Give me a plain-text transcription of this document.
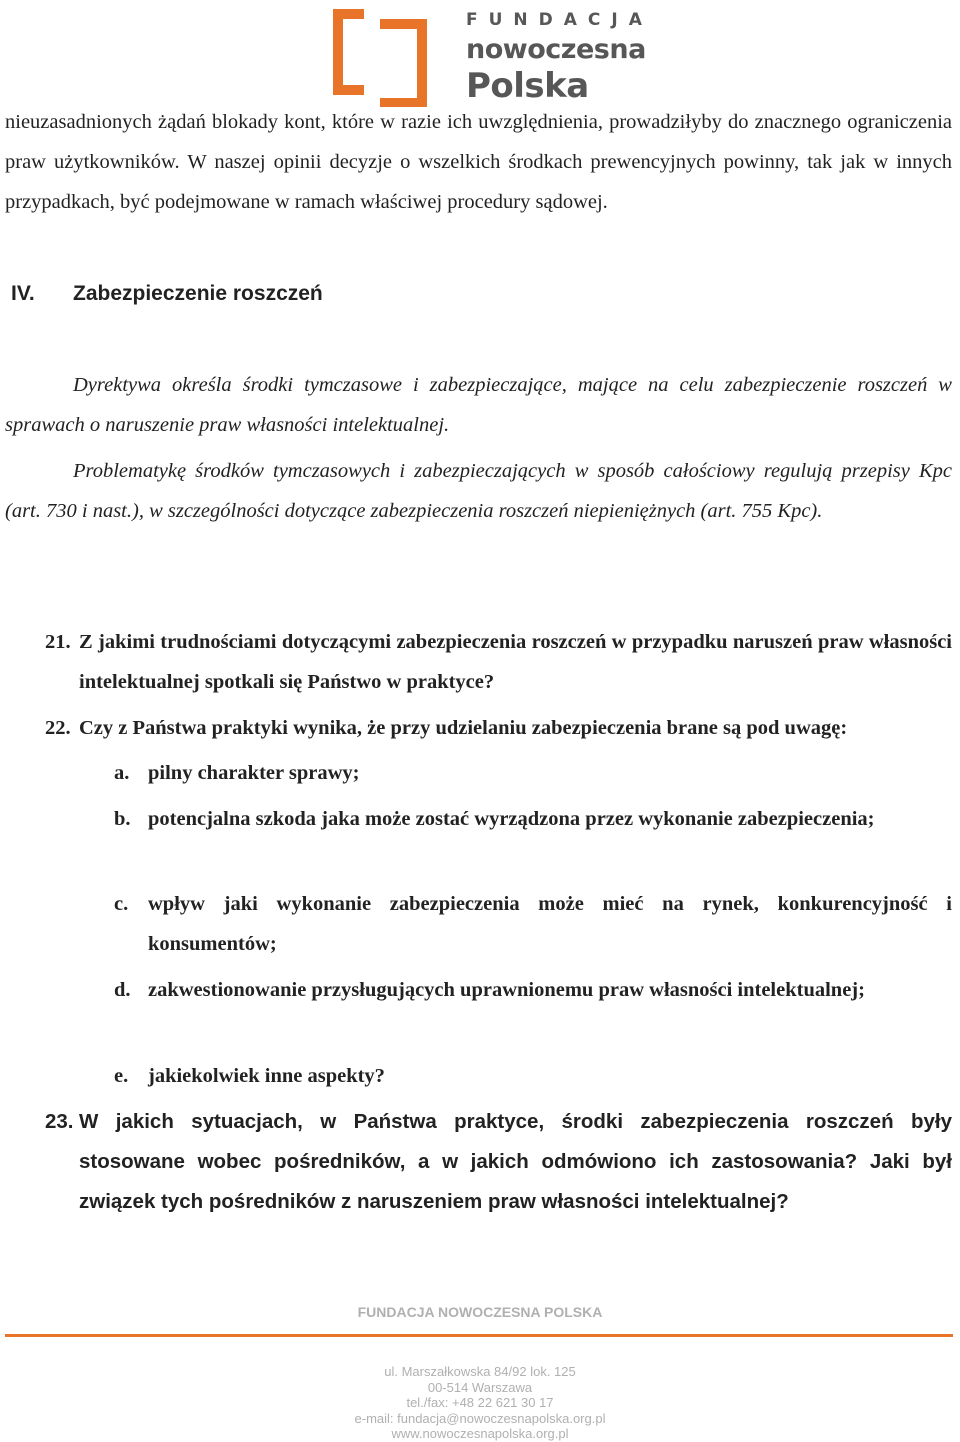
FUNDACJA
nowoczesna
Polska
nieuzasadnionych żądań blokady kont, które w razie ich uwzględnienia, prowadziłyby do znacznego ograniczenia praw użytkowników. W naszej opinii decyzje o wszelkich środkach prewencyjnych powinny, tak jak w innych przypadkach, być podejmowane w ramach właściwej procedury sądowej.
IV. Zabezpieczenie roszczeń
Dyrektywa określa środki tymczasowe i zabezpieczające, mające na celu zabezpieczenie roszczeń w sprawach o naruszenie praw własności intelektualnej.
Problematykę środków tymczasowych i zabezpieczających w sposób całościowy regulują przepisy Kpc (art. 730 i nast.), w szczególności dotyczące zabezpieczenia roszczeń niepieniężnych (art. 755 Kpc).
21. Z jakimi trudnościami dotyczącymi zabezpieczenia roszczeń w przypadku naruszeń praw własności intelektualnej spotkali się Państwo w praktyce?
22. Czy z Państwa praktyki wynika, że przy udzielaniu zabezpieczenia brane są pod uwagę:
a. pilny charakter sprawy;
b. potencjalna szkoda jaka może zostać wyrządzona przez wykonanie zabezpieczenia;
c. wpływ jaki wykonanie zabezpieczenia może mieć na rynek, konkurencyjność i konsumentów;
d. zakwestionowanie przysługujących uprawnionemu praw własności intelektualnej;
e. jakiekolwiek inne aspekty?
23. W jakich sytuacjach, w Państwa praktyce, środki zabezpieczenia roszczeń były stosowane wobec pośredników, a w jakich odmówiono ich zastosowania? Jaki był związek tych pośredników z naruszeniem praw własności intelektualnej?
FUNDACJA NOWOCZESNA POLSKA
ul. Marszałkowska 84/92 lok. 125
00-514 Warszawa
tel./fax: +48 22 621 30 17
e-mail: fundacja@nowoczesnapolska.org.pl
www.nowoczesnapolska.org.pl
